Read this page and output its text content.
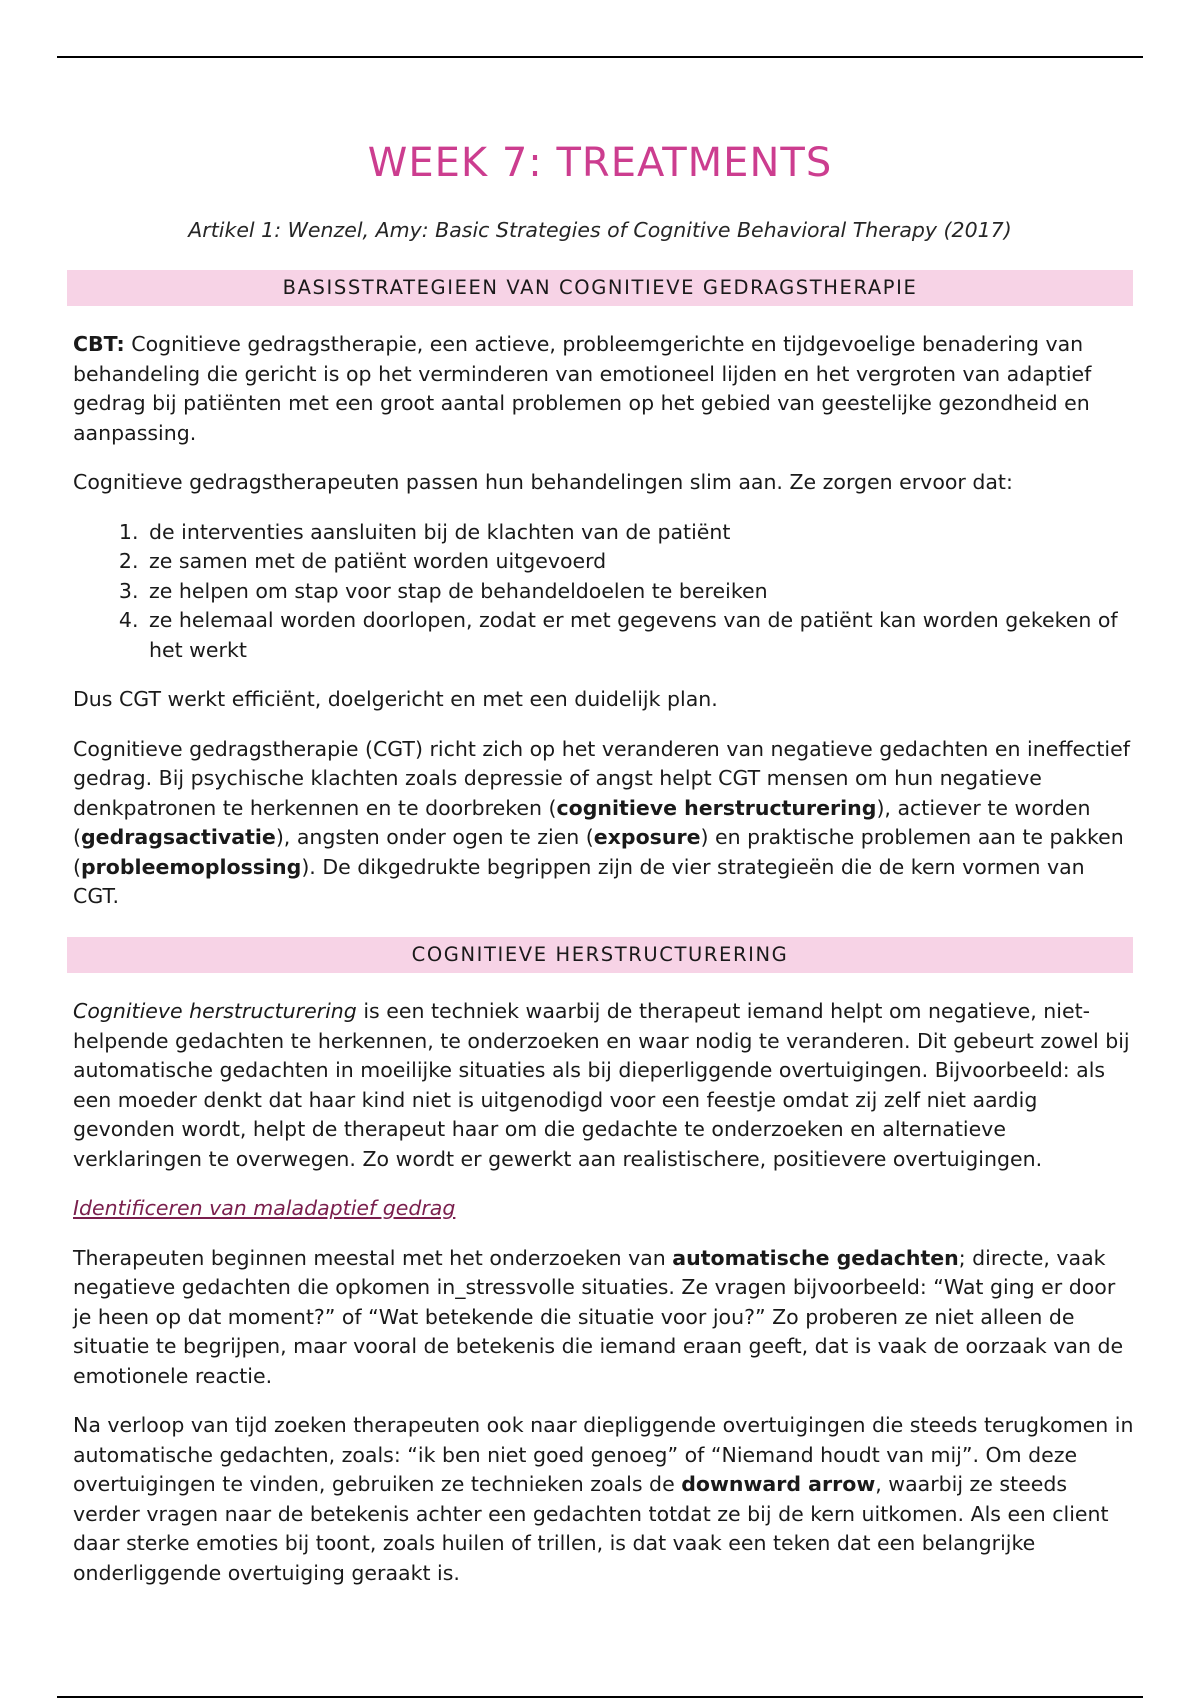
WEEK 7: TREATMENTS
Artikel 1: Wenzel, Amy: Basic Strategies of Cognitive Behavioral Therapy (2017)
BASISSTRATEGIEEN VAN COGNITIEVE GEDRAGSTHERAPIE

CBT: Cognitieve gedragstherapie, een actieve, probleemgerichte en tijdgevoelige benadering van behandeling die gericht is op het verminderen van emotioneel lijden en het vergroten van adaptief gedrag bij patiënten met een groot aantal problemen op het gebied van geestelijke gezondheid en aanpassing.

Cognitieve gedragstherapeuten passen hun behandelingen slim aan. Ze zorgen ervoor dat:

1. de interventies aansluiten bij de klachten van de patiënt
2. ze samen met de patiënt worden uitgevoerd
3. ze helpen om stap voor stap de behandeldoelen te bereiken
4. ze helemaal worden doorlopen, zodat er met gegevens van de patiënt kan worden gekeken of het werkt

Dus CGT werkt efficiënt, doelgericht en met een duidelijk plan.

Cognitieve gedragstherapie (CGT) richt zich op het veranderen van negatieve gedachten en ineffectief gedrag. Bij psychische klachten zoals depressie of angst helpt CGT mensen om hun negatieve denkpatronen te herkennen en te doorbreken (cognitieve herstructurering), actiever te worden (gedragsactivatie), angsten onder ogen te zien (exposure) en praktische problemen aan te pakken (probleemoplossing). De dikgedrukte begrippen zijn de vier strategieën die de kern vormen van CGT.

COGNITIEVE HERSTRUCTURERING

Cognitieve herstructurering is een techniek waarbij de therapeut iemand helpt om negatieve, niet-helpende gedachten te herkennen, te onderzoeken en waar nodig te veranderen. Dit gebeurt zowel bij automatische gedachten in moeilijke situaties als bij dieperliggende overtuigingen. Bijvoorbeeld: als een moeder denkt dat haar kind niet is uitgenodigd voor een feestje omdat zij zelf niet aardig gevonden wordt, helpt de therapeut haar om die gedachte te onderzoeken en alternatieve verklaringen te overwegen. Zo wordt er gewerkt aan realistischere, positievere overtuigingen.

Identificeren van maladaptief gedrag

Therapeuten beginnen meestal met het onderzoeken van automatische gedachten; directe, vaak negatieve gedachten die opkomen in_stressvolle situaties. Ze vragen bijvoorbeeld: “Wat ging er door je heen op dat moment?” of “Wat betekende die situatie voor jou?” Zo proberen ze niet alleen de situatie te begrijpen, maar vooral de betekenis die iemand eraan geeft, dat is vaak de oorzaak van de emotionele reactie.

Na verloop van tijd zoeken therapeuten ook naar diepliggende overtuigingen die steeds terugkomen in automatische gedachten, zoals: “ik ben niet goed genoeg” of “Niemand houdt van mij”. Om deze overtuigingen te vinden, gebruiken ze technieken zoals de downward arrow, waarbij ze steeds verder vragen naar de betekenis achter een gedachten totdat ze bij de kern uitkomen. Als een client daar sterke emoties bij toont, zoals huilen of trillen, is dat vaak een teken dat een belangrijke onderliggende overtuiging geraakt is.
